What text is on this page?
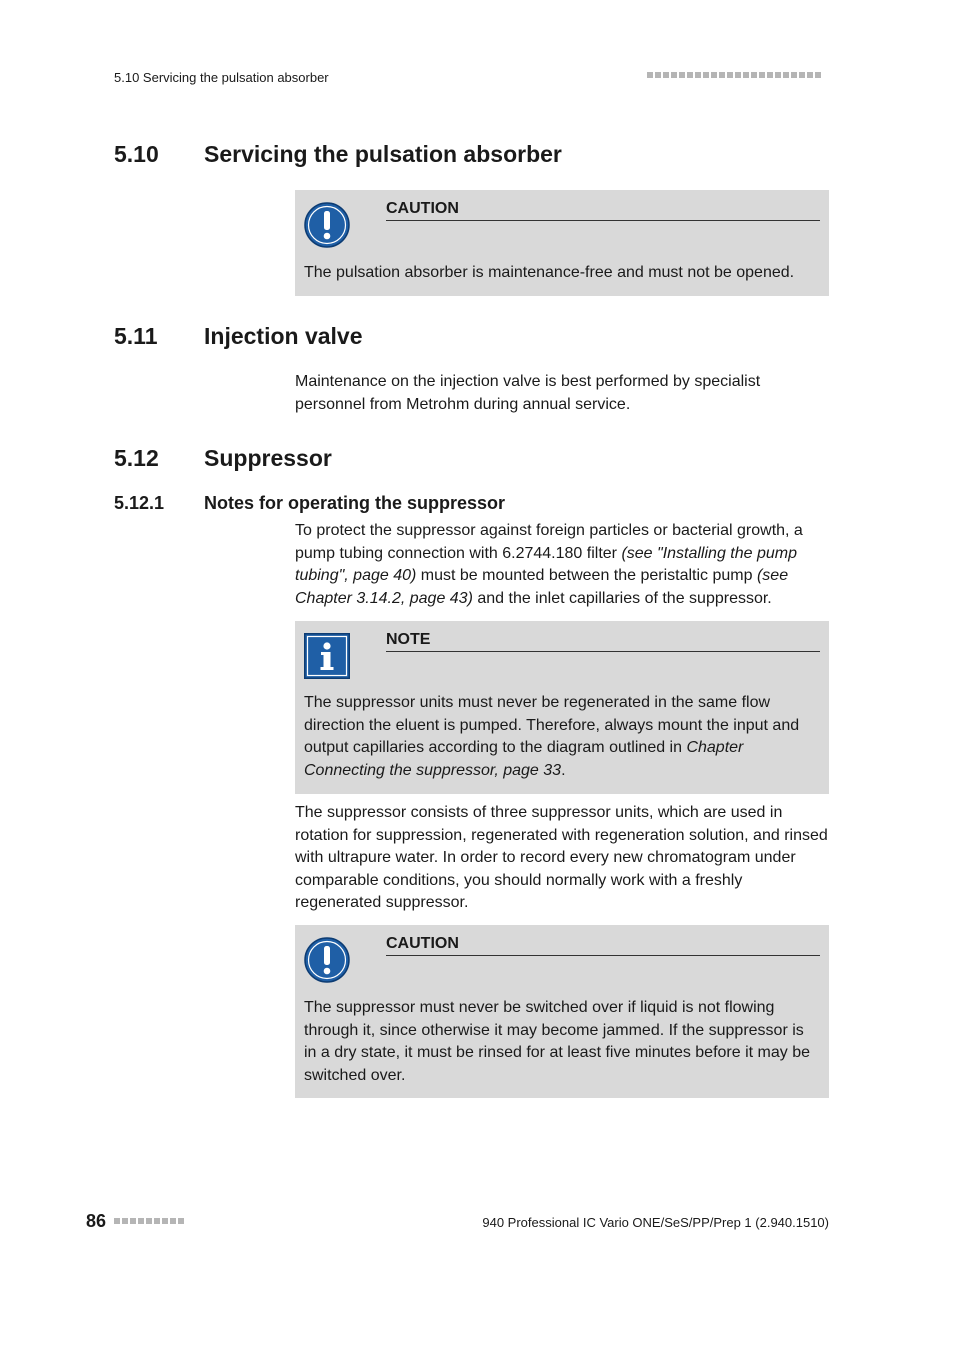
5.10 Servicing the pulsation absorber
5.10 Servicing the pulsation absorber
CAUTION
The pulsation absorber is maintenance-free and must not be opened.
5.11 Injection valve

Maintenance on the injection valve is best performed by specialist personnel from Metrohm during annual service.

5.12 Suppressor
5.12.1 Notes for operating the suppressor

To protect the suppressor against foreign particles or bacterial growth, a pump tubing connection with 6.2744.180 filter (see "Installing the pump tubing", page 40) must be mounted between the peristaltic pump (see Chapter 3.14.2, page 43) and the inlet capillaries of the suppressor.

NOTE
The suppressor units must never be regenerated in the same flow direction the eluent is pumped. Therefore, always mount the input and output capillaries according to the diagram outlined in Chapter Connecting the suppressor, page 33.

The suppressor consists of three suppressor units, which are used in rotation for suppression, regenerated with regeneration solution, and rinsed with ultrapure water. In order to record every new chromatogram under comparable conditions, you should normally work with a freshly regenerated suppressor.

CAUTION
The suppressor must never be switched over if liquid is not flowing through it, since otherwise it may become jammed. If the suppressor is in a dry state, it must be rinsed for at least five minutes before it may be switched over.
86	940 Professional IC Vario ONE/SeS/PP/Prep 1 (2.940.1510)
